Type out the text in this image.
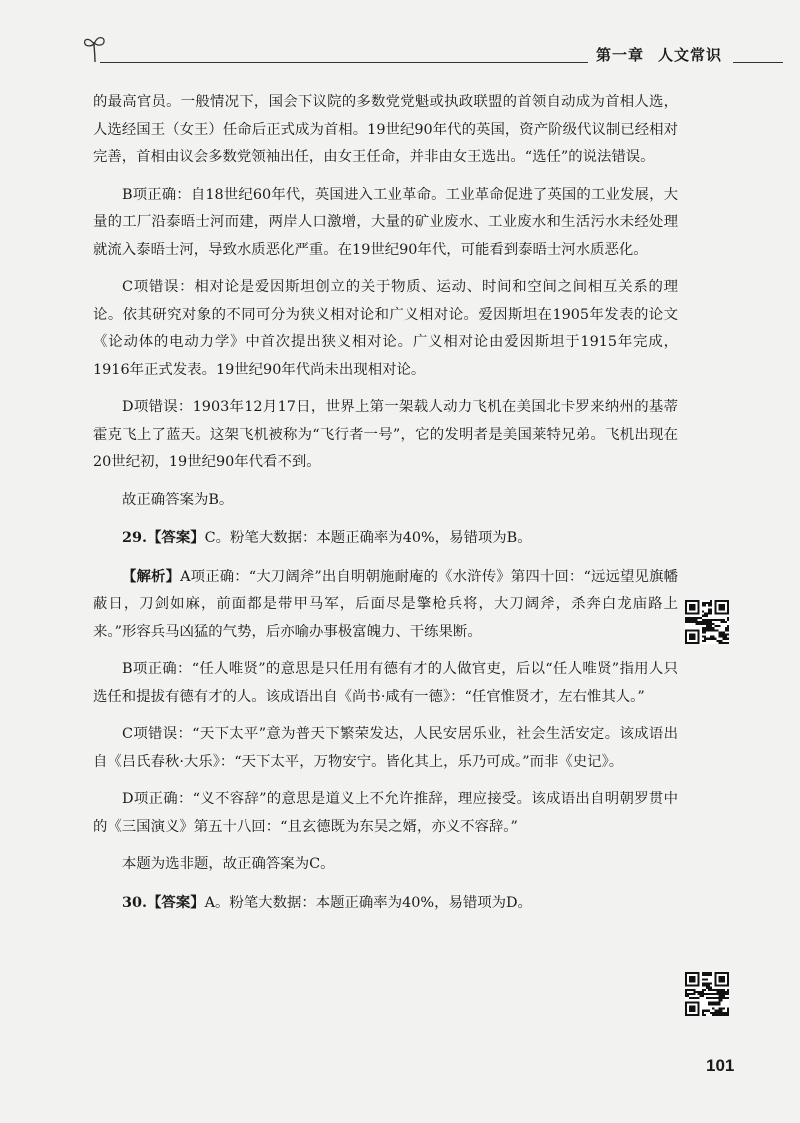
第一章 人文常识

的最高官员。一般情况下，国会下议院的多数党党魁或执政联盟的首领自动成为首相人选，人选经国王（女王）任命后正式成为首相。19世纪90年代的英国，资产阶级代议制已经相对完善，首相由议会多数党领袖出任，由女王任命，并非由女王选出。“选任”的说法错误。

B项正确：自18世纪60年代，英国进入工业革命。工业革命促进了英国的工业发展，大量的工厂沿泰晤士河而建，两岸人口激增，大量的矿业废水、工业废水和生活污水未经处理就流入泰晤士河，导致水质恶化严重。在19世纪90年代，可能看到泰晤士河水质恶化。

C项错误：相对论是爱因斯坦创立的关于物质、运动、时间和空间之间相互关系的理论。依其研究对象的不同可分为狭义相对论和广义相对论。爱因斯坦在1905年发表的论文《论动体的电动力学》中首次提出狭义相对论。广义相对论由爱因斯坦于1915年完成，1916年正式发表。19世纪90年代尚未出现相对论。

D项错误：1903年12月17日，世界上第一架载人动力飞机在美国北卡罗来纳州的基蒂霍克飞上了蓝天。这架飞机被称为“飞行者一号”，它的发明者是美国莱特兄弟。飞机出现在20世纪初，19世纪90年代看不到。

故正确答案为B。

29.【答案】C。粉笔大数据：本题正确率为40%，易错项为B。

【解析】A项正确：“大刀阔斧”出自明朝施耐庵的《水浒传》第四十回：“远远望见旗幡蔽日，刀剑如麻，前面都是带甲马军，后面尽是擎枪兵将，大刀阔斧，杀奔白龙庙路上来。”形容兵马凶猛的气势，后亦喻办事极富魄力、干练果断。

B项正确：“任人唯贤”的意思是只任用有德有才的人做官吏，后以“任人唯贤”指用人只选任和提拔有德有才的人。该成语出自《尚书·咸有一德》：“任官惟贤才，左右惟其人。”

C项错误：“天下太平”意为普天下繁荣发达，人民安居乐业，社会生活安定。该成语出自《吕氏春秋·大乐》：“天下太平，万物安宁。皆化其上，乐乃可成。”而非《史记》。

D项正确：“义不容辞”的意思是道义上不允许推辞，理应接受。该成语出自明朝罗贯中的《三国演义》第五十八回：“且玄德既为东吴之婿，亦义不容辞。”

本题为选非题，故正确答案为C。

30.【答案】A。粉笔大数据：本题正确率为40%，易错项为D。

101
